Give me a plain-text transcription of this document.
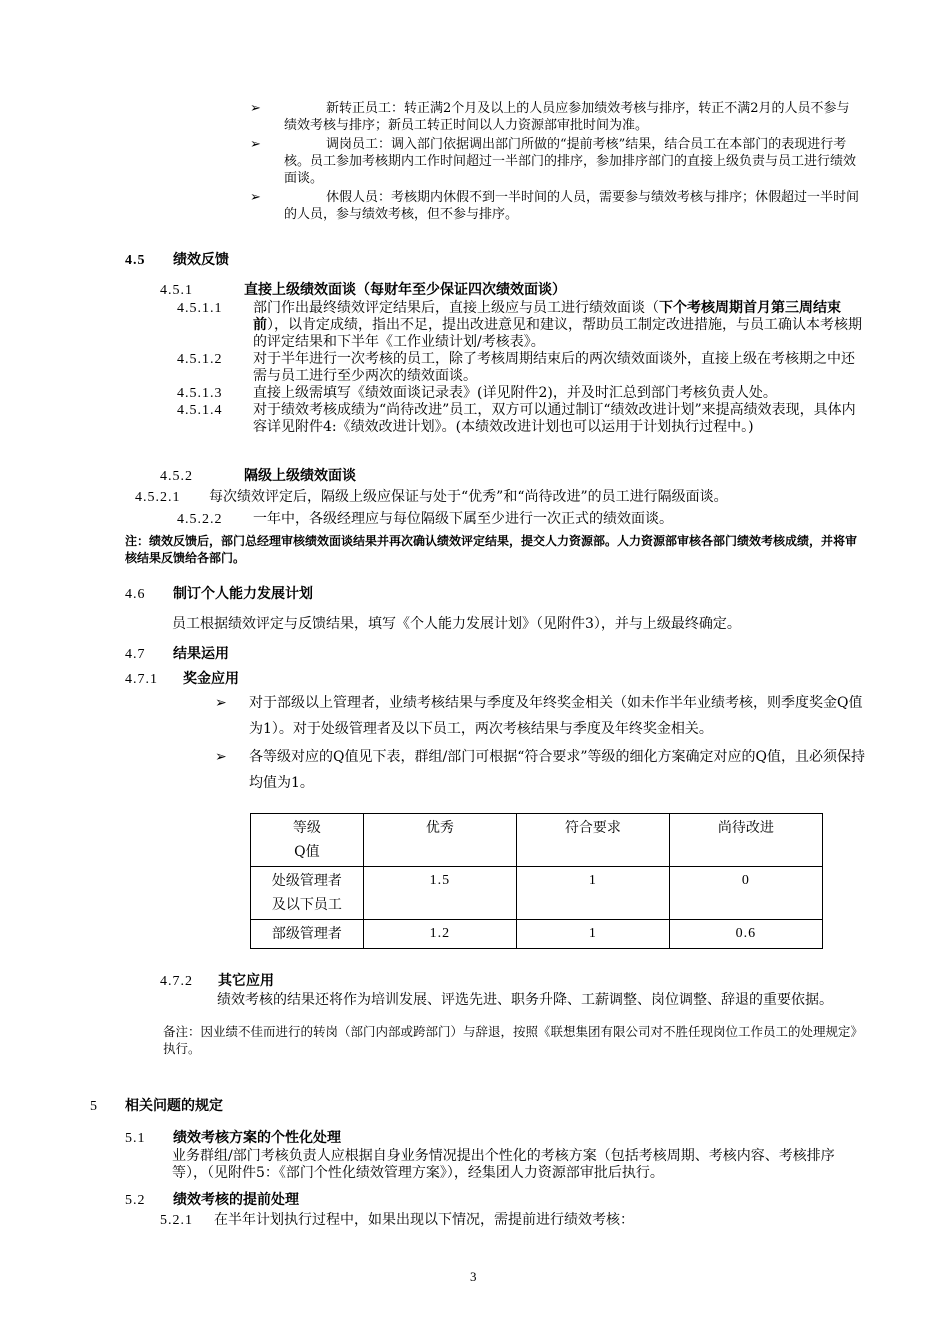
➢	新转正员工：转正满2个月及以上的人员应参加绩效考核与排序，转正不满2月的人员不参与绩效考核与排序；新员工转正时间以人力资源部审批时间为准。
➢	调岗员工：调入部门依据调出部门所做的“提前考核”结果，结合员工在本部门的表现进行考核。员工参加考核期内工作时间超过一半部门的排序，参加排序部门的直接上级负责与员工进行绩效面谈。
➢	休假人员：考核期内休假不到一半时间的人员，需要参与绩效考核与排序；休假超过一半时间的人员，参与绩效考核，但不参与排序。
4.5 绩效反馈
4.5.1	直接上级绩效面谈（每财年至少保证四次绩效面谈）
4.5.1.1 部门作出最终绩效评定结果后，直接上级应与员工进行绩效面谈（下个考核周期首月第三周结束前），以肯定成绩，指出不足，提出改进意见和建议，帮助员工制定改进措施，与员工确认本考核期的评定结果和下半年《工作业绩计划/考核表》。
4.5.1.2 对于半年进行一次考核的员工，除了考核周期结束后的两次绩效面谈外，直接上级在考核期之中还需与员工进行至少两次的绩效面谈。
4.5.1.3 直接上级需填写《绩效面谈记录表》(详见附件2)，并及时汇总到部门考核负责人处。
4.5.1.4 对于绩效考核成绩为“尚待改进”员工，双方可以通过制订“绩效改进计划”来提高绩效表现，具体内容详见附件4:《绩效改进计划》。(本绩效改进计划也可以运用于计划执行过程中。)
4.5.2	隔级上级绩效面谈
4.5.2.1 每次绩效评定后，隔级上级应保证与处于“优秀”和“尚待改进”的员工进行隔级面谈。
4.5.2.2 一年中，各级经理应与每位隔级下属至少进行一次正式的绩效面谈。
注：绩效反馈后，部门总经理审核绩效面谈结果并再次确认绩效评定结果，提交人力资源部。人力资源部审核各部门绩效考核成绩，并将审核结果反馈给各部门。
4.6 制订个人能力发展计划
员工根据绩效评定与反馈结果，填写《个人能力发展计划》（见附件3），并与上级最终确定。
4.7 结果运用
4.7.1 奖金应用
➢ 对于部级以上管理者，业绩考核结果与季度及年终奖金相关（如未作半年业绩考核，则季度奖金Q值为1）。对于处级管理者及以下员工，两次考核结果与季度及年终奖金相关。
➢ 各等级对应的Q值见下表，群组/部门可根据“符合要求”等级的细化方案确定对应的Q值，且必须保持均值为1。
等级
Q值	优秀	符合要求	尚待改进

处级管理者
及以下员工	1.5	1	0
部级管理者	1.2	1	0.6
4.7.2 其它应用
绩效考核的结果还将作为培训发展、评选先进、职务升降、工薪调整、岗位调整、辞退的重要依据。
备注：因业绩不佳而进行的转岗（部门内部或跨部门）与辞退，按照《联想集团有限公司对不胜任现岗位工作员工的处理规定》执行。
5 相关问题的规定
5.1 绩效考核方案的个性化处理
业务群组/部门考核负责人应根据自身业务情况提出个性化的考核方案（包括考核周期、考核内容、考核排序等），（见附件5：《部门个性化绩效管理方案》），经集团人力资源部审批后执行。
5.2 绩效考核的提前处理
5.2.1 在半年计划执行过程中，如果出现以下情况，需提前进行绩效考核：
3
